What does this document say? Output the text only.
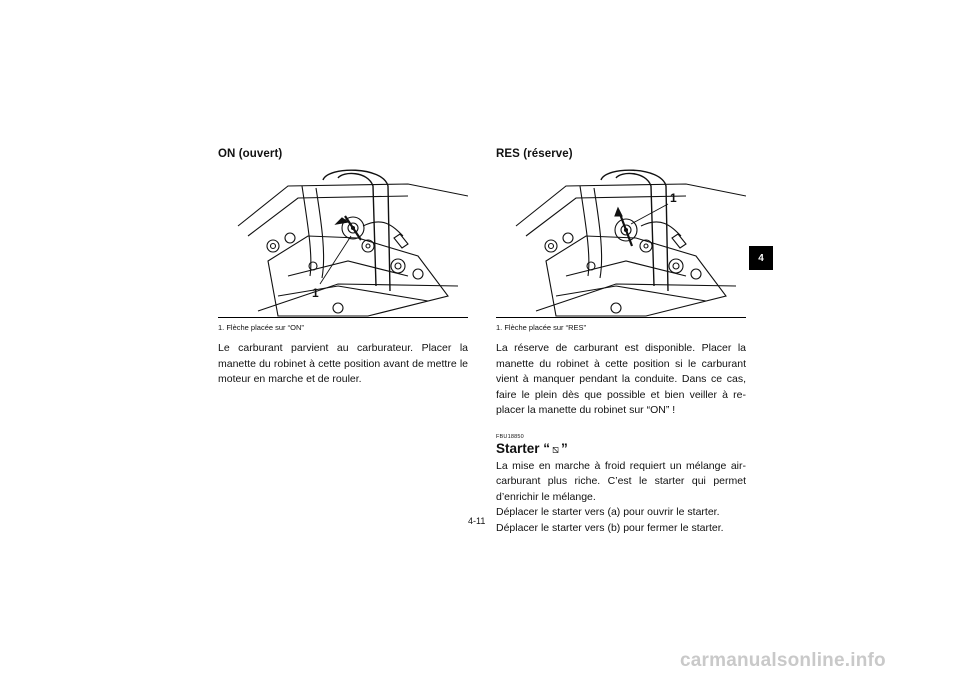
ON (ouvert)
1
1. Flèche placée sur “ON”
Le carburant parvient au carburateur. Placer la manette du robinet à cette position avant de mettre le moteur en marche et de rouler.
RES (réserve)
1
1. Flèche placée sur “RES”
La réserve de carburant est disponible. Placer la manette du robinet à cette position si le carburant vient à manquer pendant la conduite. Dans ce cas, faire le plein dès que possible et bien veiller à re-placer la manette du robinet sur “ON” !
FBU18850
Starter “ ⧅ ”
La mise en marche à froid requiert un mélange air-carburant plus riche. C’est le starter qui permet d’enrichir le mélange.
Déplacer le starter vers (a) pour ouvrir le starter.
Déplacer le starter vers (b) pour fermer le starter.
4
4-11
carmanualsonline.info
